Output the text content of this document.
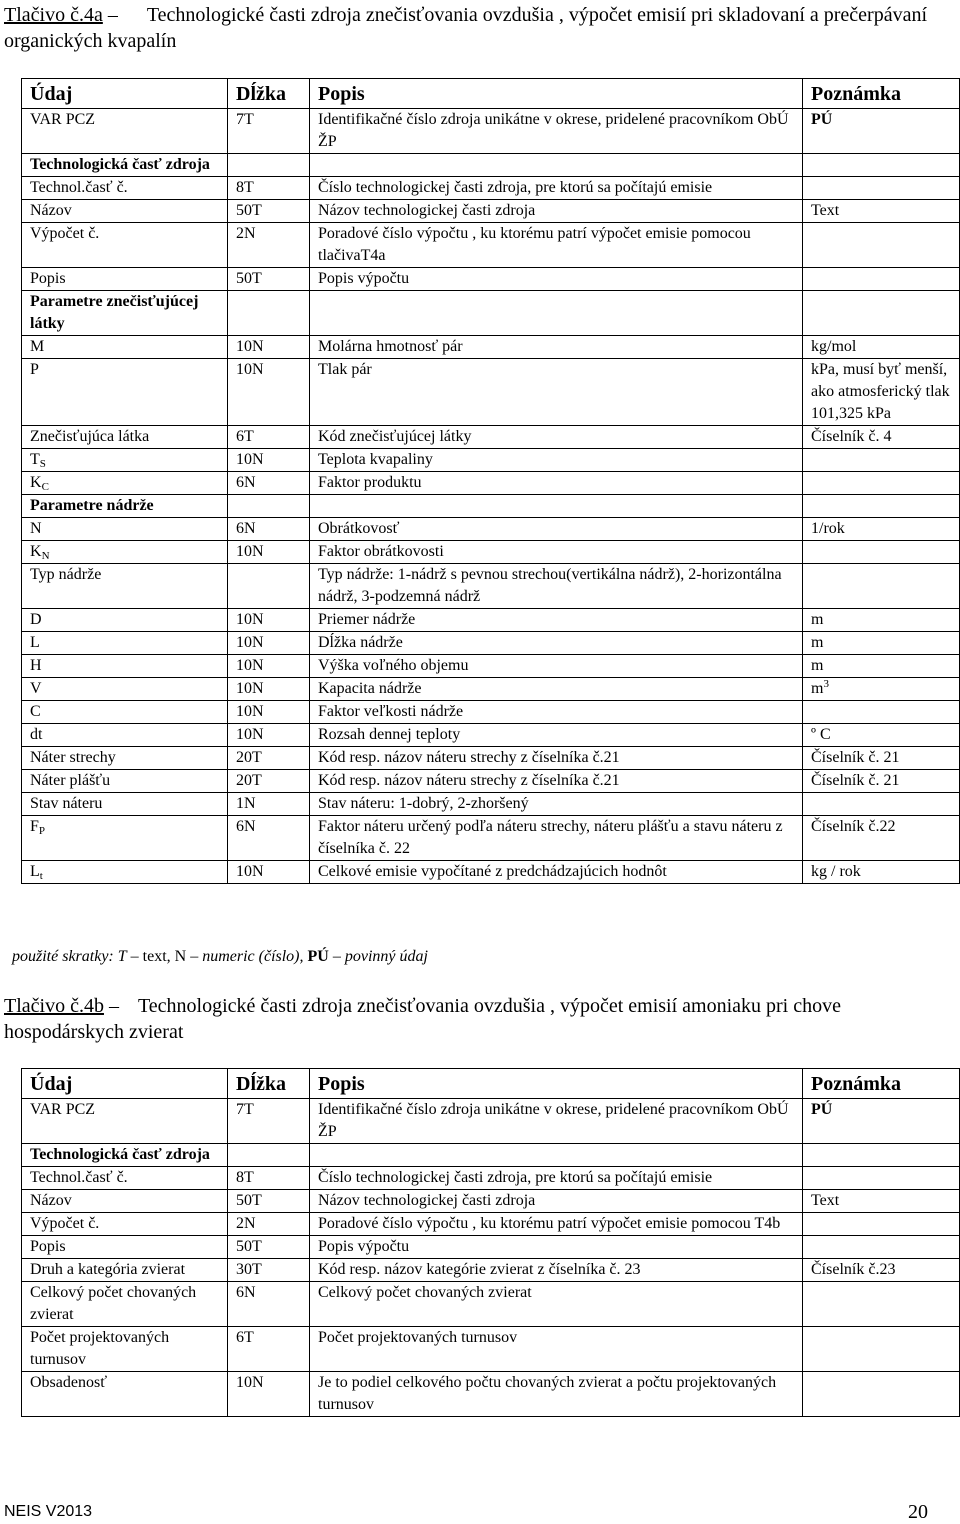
Tlačivo č.4a – Technologické časti zdroja znečisťovania ovzdušia , výpočet emisií pri skladovaní a prečerpávaní organických kvapalín
Údaj	Dĺžka	Popis	Poznámka
VAR PCZ	7T	Identifikačné číslo zdroja unikátne v okrese, pridelené pracovníkom ObÚ ŽP	PÚ
Technologická časť zdroja			
Technol.časť č.	8T	Číslo technologickej časti zdroja, pre ktorú sa počítajú emisie	
Názov	50T	Názov technologickej časti zdroja	Text
Výpočet č.	2N	Poradové číslo výpočtu , ku ktorému patrí výpočet emisie pomocou tlačivaT4a	
Popis	50T	Popis výpočtu	
Parametre znečisťujúcej látky			
M	10N	Molárna hmotnosť pár	kg/mol
P	10N	Tlak pár	kPa, musí byť menší, ako atmosferický tlak 101,325 kPa
Znečisťujúca látka	6T	Kód znečisťujúcej látky	Číselník č. 4
$T_S$	10N	Teplota kvapaliny	
$K_C$	6N	Faktor produktu	
Parametre nádrže			
N	6N	Obrátkovosť	1/rok
$K_N$	10N	Faktor obrátkovosti	
Typ nádrže		Typ nádrže: 1-nádrž s pevnou strechou(vertikálna nádrž), 2-horizontálna nádrž, 3-podzemná nádrž	
D	10N	Priemer nádrže	m
L	10N	Dĺžka nádrže	m
H	10N	Výška voľného objemu	m
V	10N	Kapacita nádrže	$m^3$
C	10N	Faktor veľkosti nádrže	
dt	10N	Rozsah dennej teploty	º C
Náter strechy	20T	Kód resp. názov náteru strechy z číselníka č.21	Číselník č. 21
Náter plášťu	20T	Kód resp. názov náteru strechy z číselníka č.21	Číselník č. 21
Stav náteru	1N	Stav náteru: 1-dobrý, 2-zhoršený	
$F_P$	6N	Faktor náteru určený podľa náteru strechy, náteru plášťu a stavu náteru z číselníka č. 22	Číselník č.22
$L_t$	10N	Celkové emisie vypočítané z predchádzajúcich hodnôt	kg / rok
použité skratky: T – text, N – numeric (číslo), PÚ – povinný údaj
Tlačivo č.4b – Technologické časti zdroja znečisťovania ovzdušia , výpočet emisií amoniaku pri chove hospodárskych zvierat
Údaj	Dĺžka	Popis	Poznámka
VAR PCZ	7T	Identifikačné číslo zdroja unikátne v okrese, pridelené pracovníkom ObÚ ŽP	PÚ
Technologická časť zdroja			
Technol.časť č.	8T	Číslo technologickej časti zdroja, pre ktorú sa počítajú emisie	
Názov	50T	Názov technologickej časti zdroja	Text
Výpočet č.	2N	Poradové číslo výpočtu , ku ktorému patrí výpočet emisie pomocou T4b	
Popis	50T	Popis výpočtu	
Druh a kategória zvierat	30T	Kód resp. názov kategórie zvierat z číselníka č. 23	Číselník č.23
Celkový počet chovaných zvierat	6N	Celkový počet chovaných zvierat	
Počet projektovaných turnusov	6T	Počet projektovaných turnusov	
Obsadenosť	10N	Je to podiel celkového počtu chovaných zvierat a počtu projektovaných turnusov	
NEIS V2013	20
